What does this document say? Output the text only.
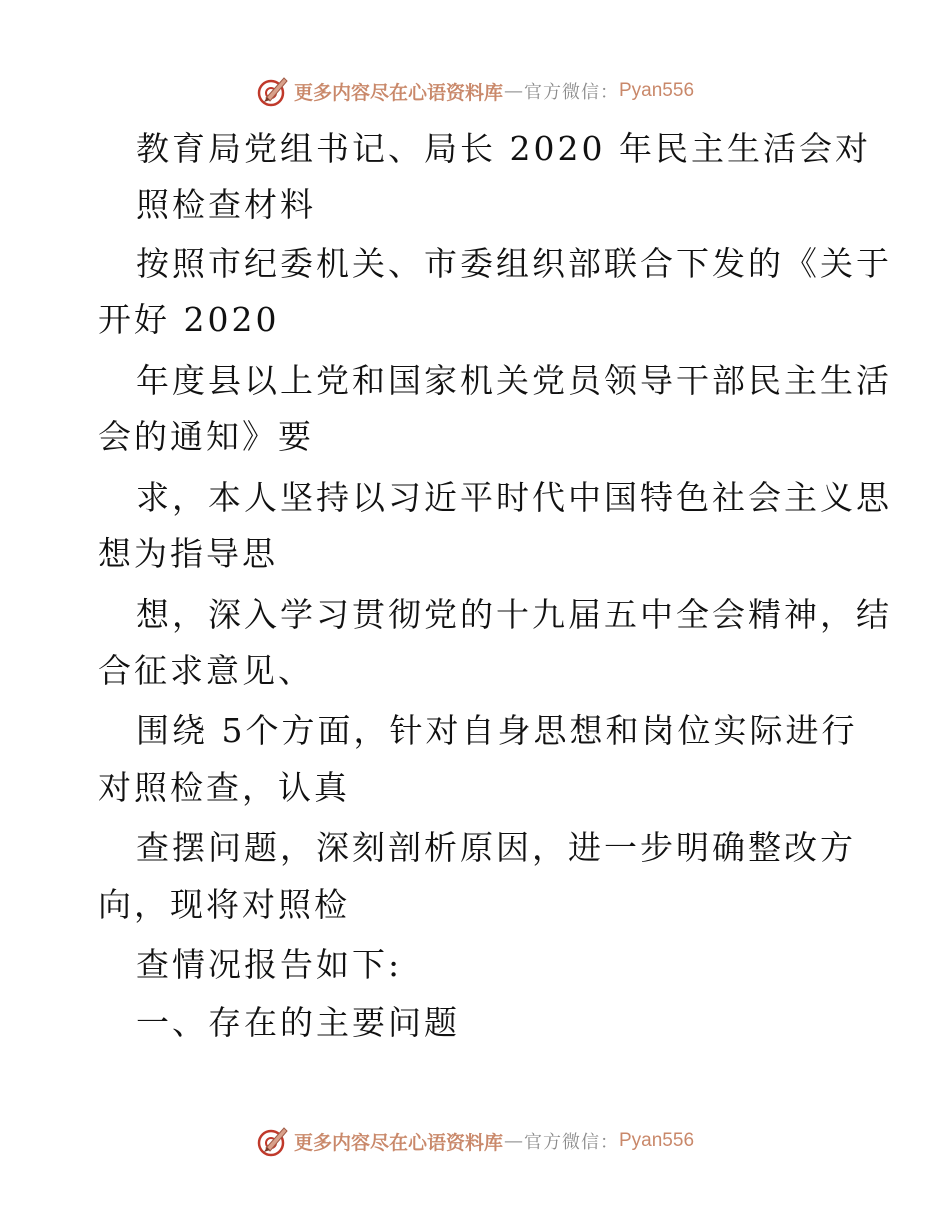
更多内容尽在心语资料库 — 官方微信： Pyan556
教育局党组书记、局长 2020 年民主生活会对
照检查材料
按照市纪委机关、市委组织部联合下发的《关于
开好 2020
年度县以上党和国家机关党员领导干部民主生活
会的通知》要
求，本人坚持以习近平时代中国特色社会主义思
想为指导思
想，深入学习贯彻党的十九届五中全会精神，结
合征求意见、
围绕 5个方面，针对自身思想和岗位实际进行
对照检查，认真
查摆问题，深刻剖析原因，进一步明确整改方
向，现将对照检
查情况报告如下:
一、存在的主要问题
更多内容尽在心语资料库 — 官方微信： Pyan556
